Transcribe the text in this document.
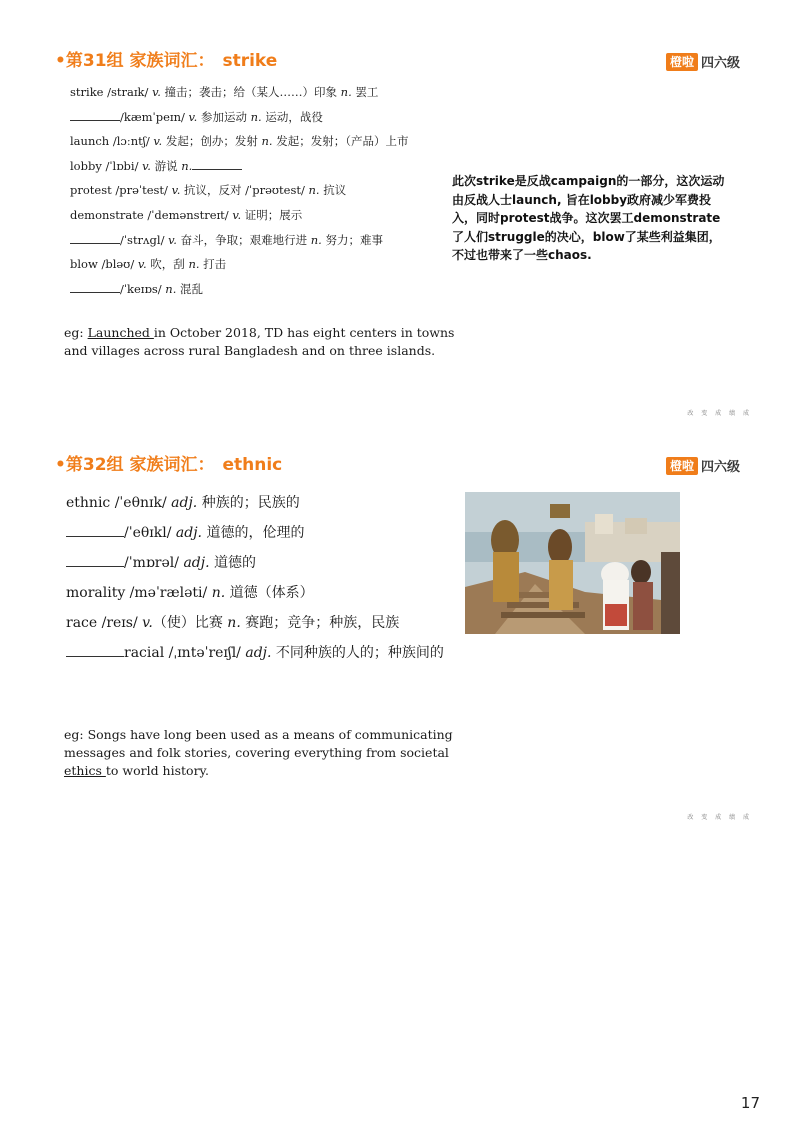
•第31组 家族词汇： strike	橙啦 四六级
strike /straɪk/ v. 撞击；袭击；给（某人……）印象 n. 罢工
/kæmˈpeɪn/ v. 参加运动 n. 运动，战役
launch /lɔːntʃ/ v. 发起；创办；发射 n. 发起；发射；（产品）上市
lobby /ˈlɒbi/ v. 游说 n.
protest /prəˈtest/ v. 抗议，反对 /ˈprəʊtest/ n. 抗议
demonstrate /ˈdemənstreɪt/ v. 证明；展示
/ˈstrʌgl/ v. 奋斗，争取；艰难地行进 n. 努力；难事
blow /bləʊ/ v. 吹，刮 n. 打击
/ˈkeɪɒs/ n. 混乱
此次strike是反战campaign的一部分，这次运动由反战人士launch, 旨在lobby政府减少军费投入，同时protest战争。这次罢工demonstrate了人们struggle的决心，blow了某些利益集团，不过也带来了一些chaos.

eg: Launched in October 2018, TD has eight centers in towns and villages across rural Bangladesh and on three islands.

改 变 成 绩 成
•第32组 家族词汇： ethnic	橙啦 四六级
ethnic /ˈeθnɪk/ adj. 种族的；民族的
/ˈeθɪkl/ adj. 道德的，伦理的
/ˈmɒrəl/ adj. 道德的
morality /məˈræləti/ n. 道德（体系）
race /reɪs/ v.（使）比赛 n. 赛跑；竞争；种族，民族
racial /ˌɪntəˈreɪʃl/ adj. 不同种族的人的；种族间的

eg: Songs have long been used as a means of communicating messages and folk stories, covering everything from societal ethics to world history.

改 变 成 绩 成
17
